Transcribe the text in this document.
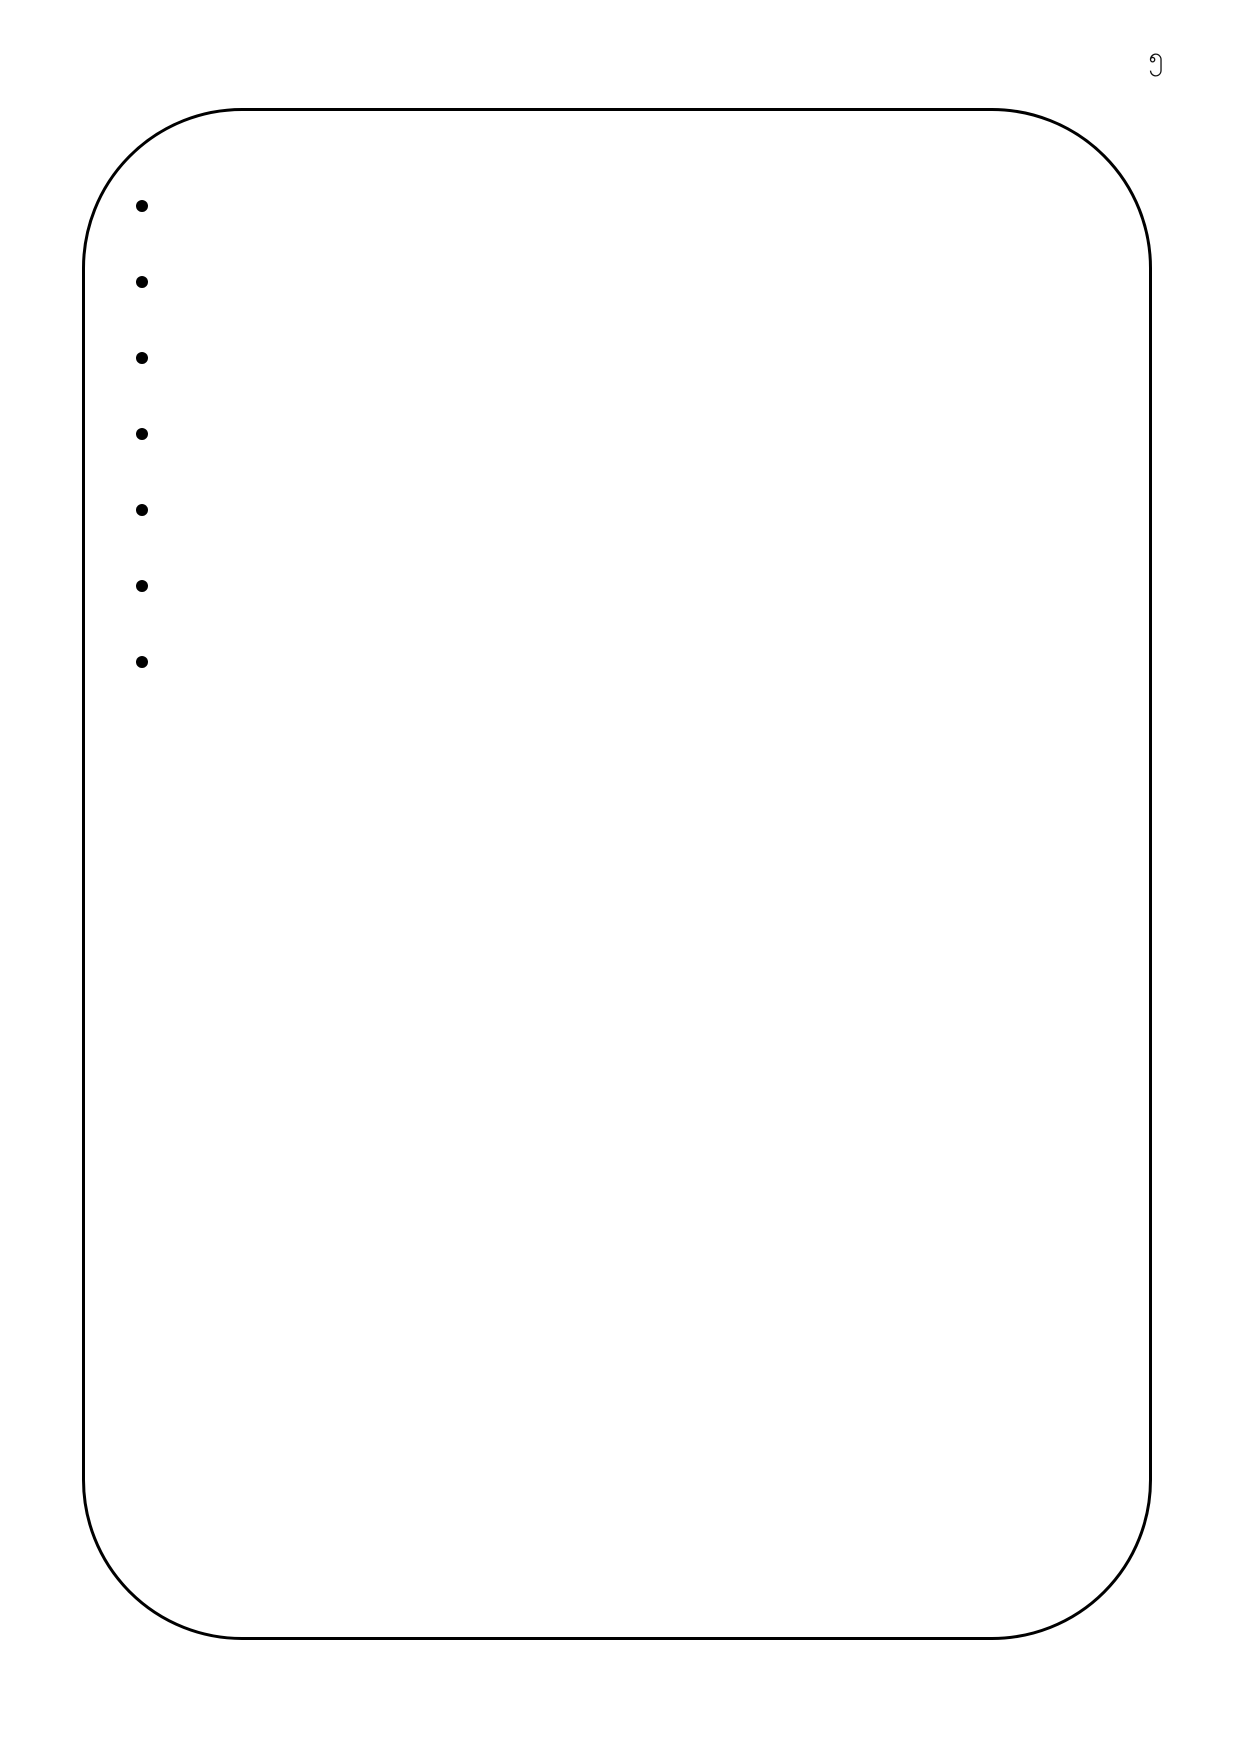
၅
